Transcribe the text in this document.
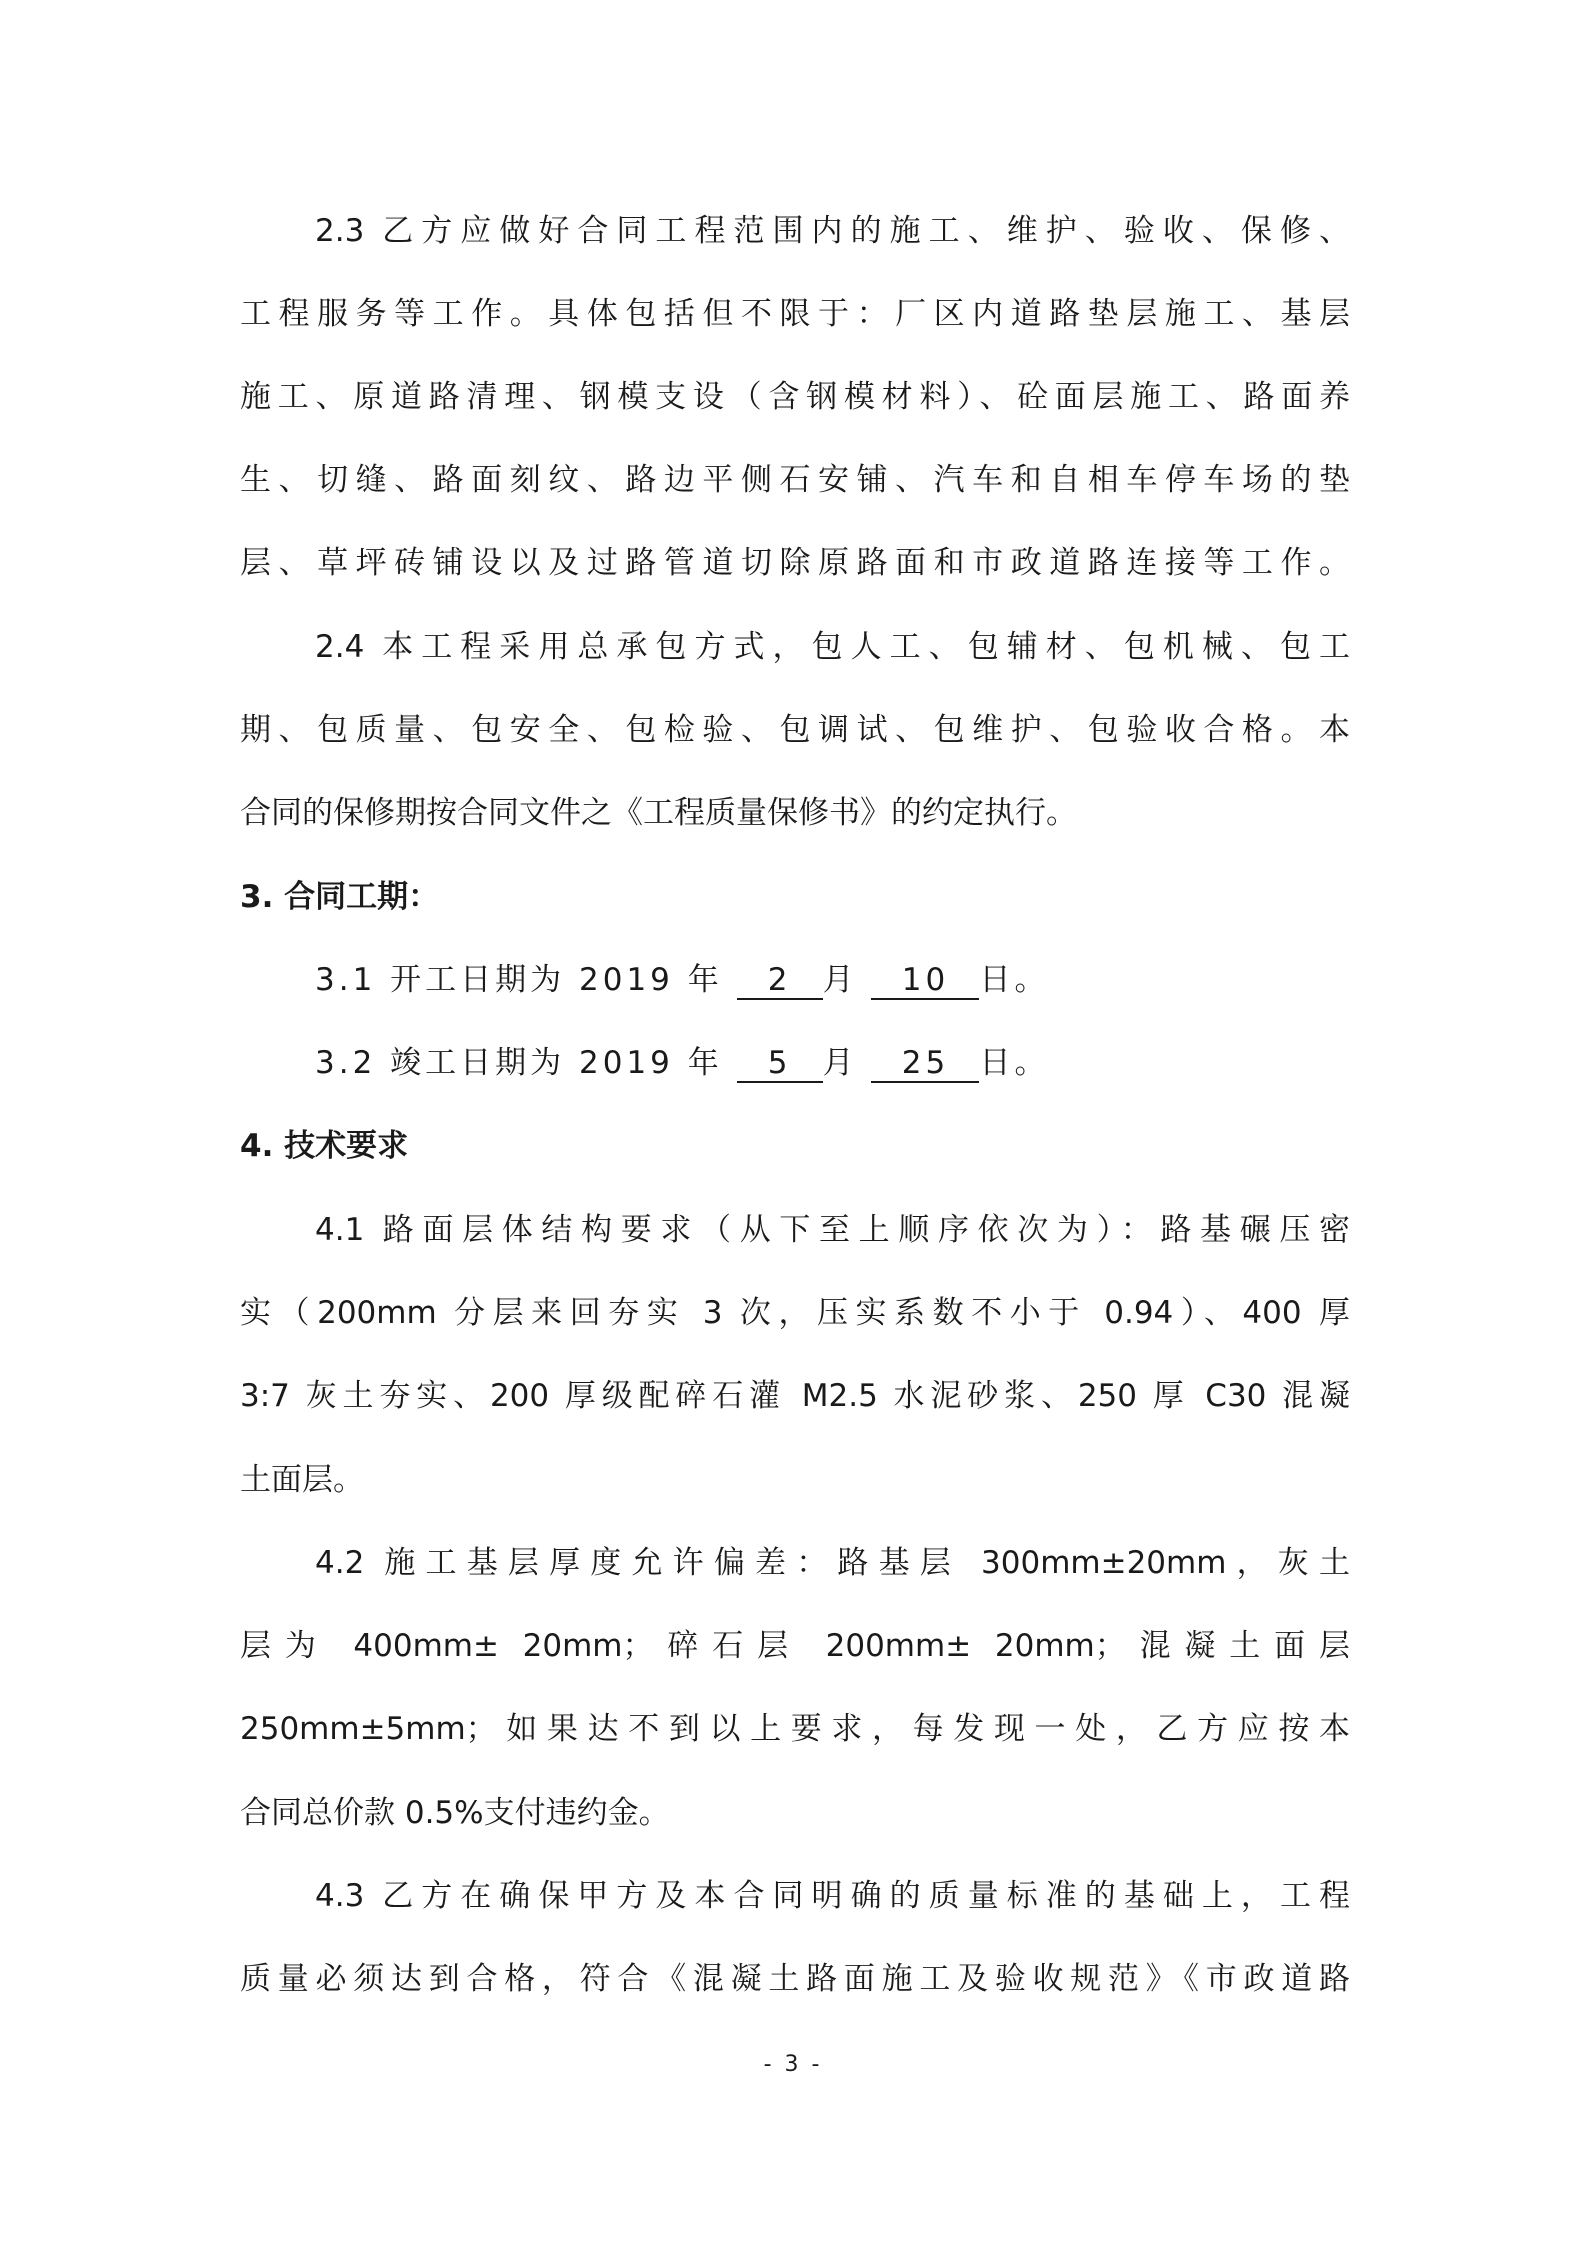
2.3 乙方应做好合同工程范围内的施工、维护、验收、保修、
工程服务等工作。具体包括但不限于：厂区内道路垫层施工、基层
施工、原道路清理、钢模支设（含钢模材料）、砼面层施工、路面养
生、切缝、路面刻纹、路边平侧石安铺、汽车和自相车停车场的垫
层、草坪砖铺设以及过路管道切除原路面和市政道路连接等工作。
2.4 本工程采用总承包方式，包人工、包辅材、包机械、包工
期、包质量、包安全、包检验、包调试、包维护、包验收合格。本
合同的保修期按合同文件之《工程质量保修书》的约定执行。
3. 合同工期：
3.1 开工日期为 2019 年 2 月 10 日。
3.2 竣工日期为 2019 年 5 月 25 日。
4. 技术要求
4.1 路面层体结构要求（从下至上顺序依次为）：路基碾压密
实（200mm 分层来回夯实 3 次，压实系数不小于 0.94）、400 厚
3:7 灰土夯实、200 厚级配碎石灌 M2.5 水泥砂浆、250 厚 C30 混凝
土面层。
4.2 施工基层厚度允许偏差：路基层 300mm±20mm，灰土
层为 400mm± 20mm；碎石层 200mm± 20mm；混凝土面层
250mm±5mm；如果达不到以上要求，每发现一处，乙方应按本
合同总价款 0.5%支付违约金。
4.3 乙方在确保甲方及本合同明确的质量标准的基础上，工程
质量必须达到合格，符合《混凝土路面施工及验收规范》《市政道路
- 3 -
